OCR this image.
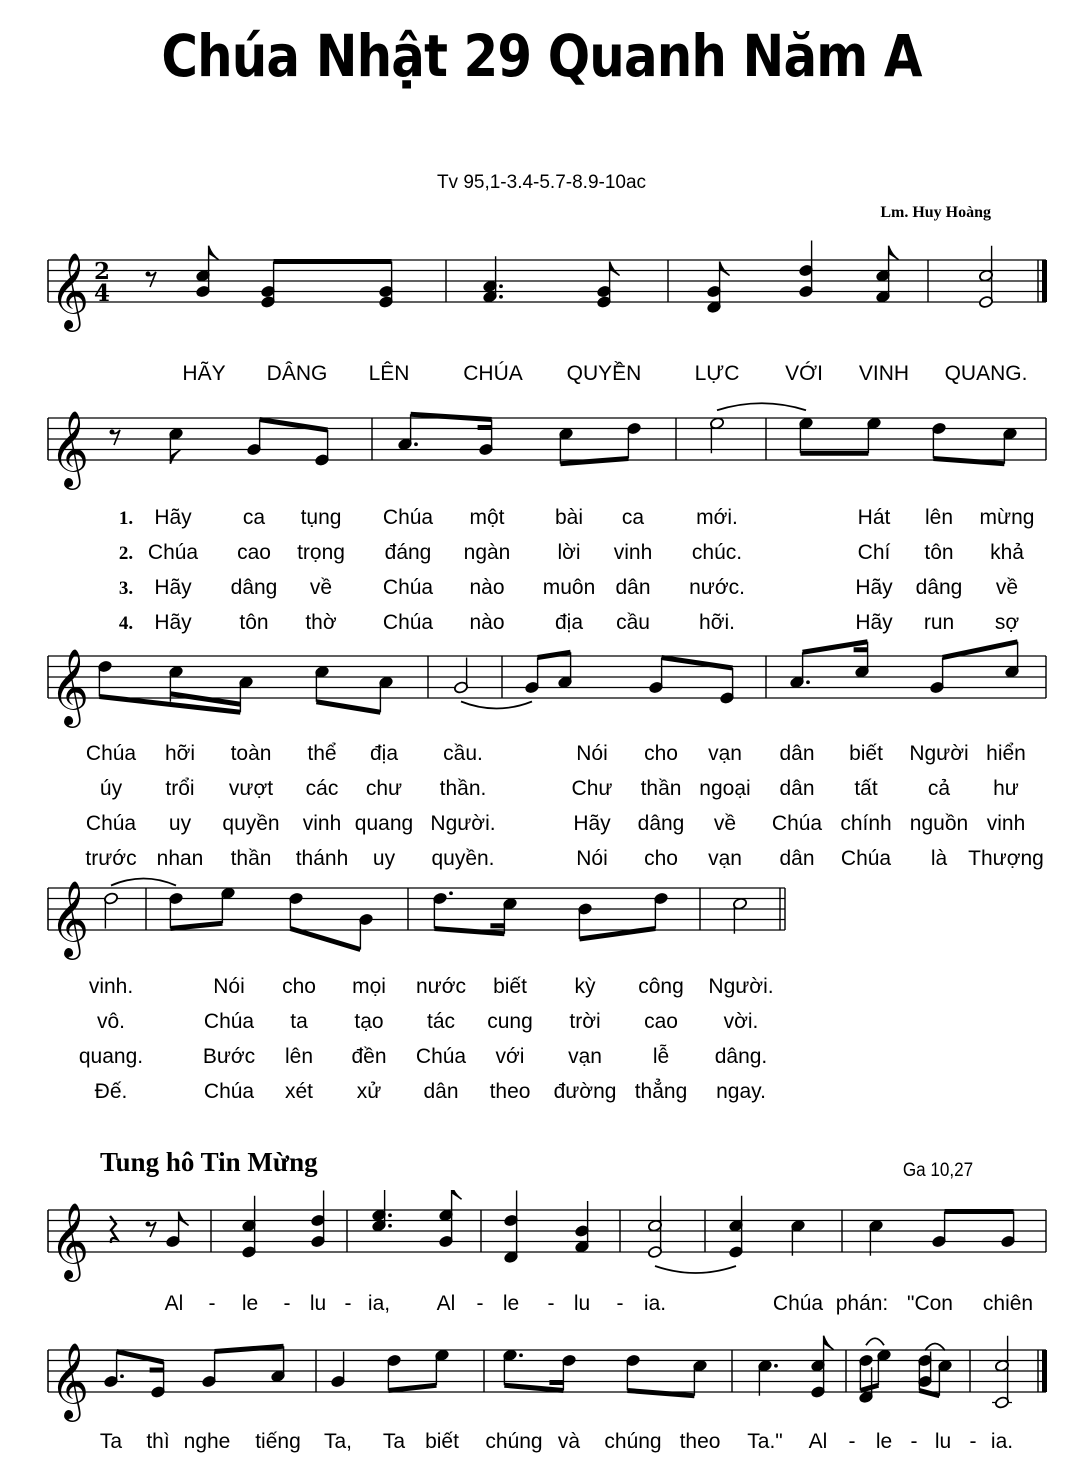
Chúa Nhật 29 Quanh Năm A
Tv 95,1-3.4-5.7-8.9-10ac
Lm. Huy Hoàng
𝄞 2
4
HÃY DÂNG LÊN	CHÚA QUYỀN	LỰC VỚI VINH QUANG.
𝄞
Hãy ca tụng Chúa một bài ca mới.	Hát lên mừng
1.
Chúa cao trọng đáng ngàn lời vinh chúc.	Chí tôn khả
2.
Hãy dâng về Chúa nào muôn dân nước.	Hãy dâng về
3.
Hãy tôn thờ Chúa nào địa cầu hỡi.	Hãy run sợ
4.
𝄞
Chúa hỡi toàn thể địa cầu.	Nói cho vạn dân biết Người hiển
úy trổi vượt các chư thần.	Chư thần ngoại dân tất cả hư
Chúa uy quyền vinh quang Người.	Hãy dâng về Chúa chính nguồn vinh
trước nhan thần thánh uy quyền.	Nói cho vạn dân Chúa là Thượng
𝄞
vinh.	Nói cho mọi nước biết kỳ công Người.
vô.	Chúa ta tạo tác cung trời cao vời.
quang.	Bước lên đền Chúa với vạn lễ dâng.
Đế.	Chúa xét xử dân theo đường thẳng ngay.
Tung hô Tin Mừng	Ga 10,27
𝄞
Al - le - lu - ia, Al - le - lu - ia.	Chúa phán: "Con chiên
𝄞
Ta thì nghe tiếng Ta, Ta biết chúng và chúng theo Ta." Al - le - lu - ia.
